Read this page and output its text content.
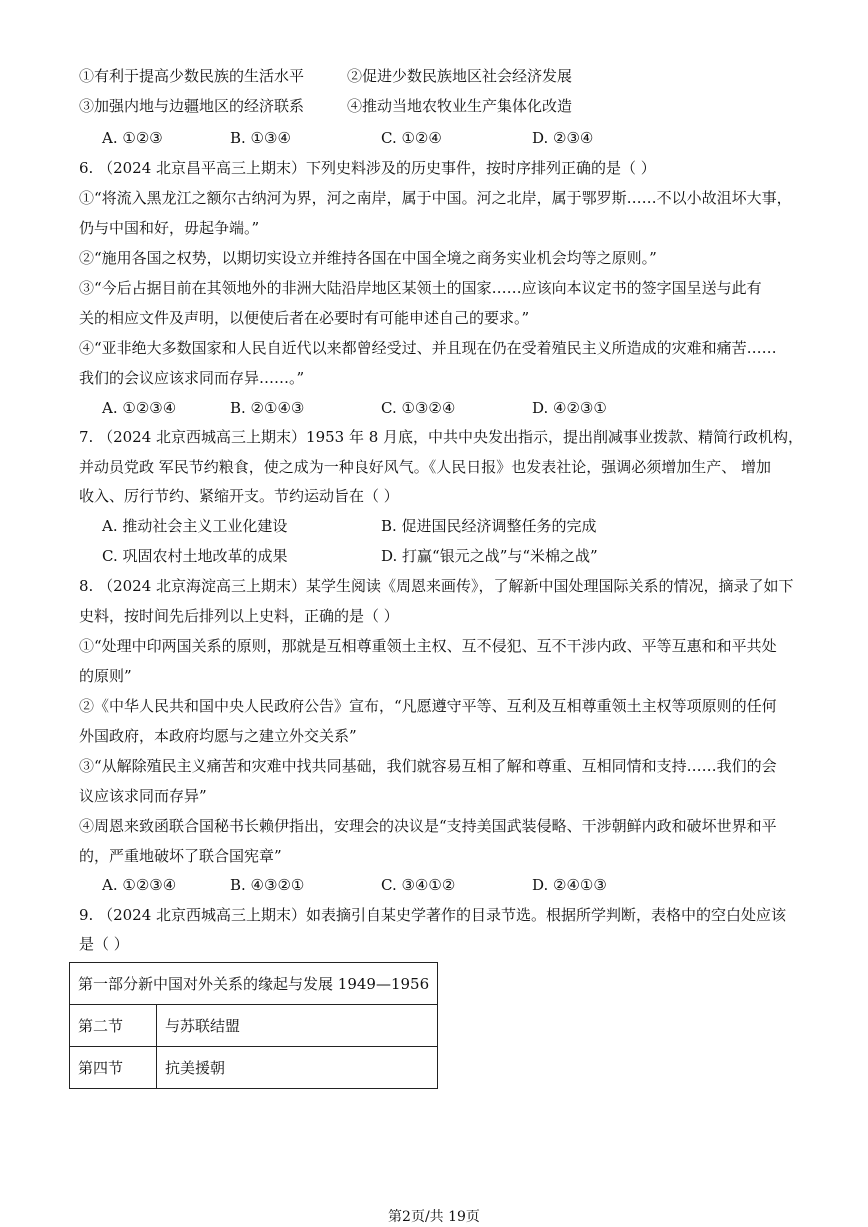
①有利于提高少数民族的生活水平	②促进少数民族地区社会经济发展
③加强内地与边疆地区的经济联系	④推动当地农牧业生产集体化改造
A. ①②③	B. ①③④	C. ①②④	D. ②③④
6. （2024 北京昌平高三上期末）下列史料涉及的历史事件，按时序排列正确的是（ ）
①“将流入黑龙江之额尔古纳河为界，河之南岸，属于中国。河之北岸，属于鄂罗斯……不以小故沮坏大事，
仍与中国和好，毋起争端。”
②“施用各国之权势，以期切实设立并维持各国在中国全境之商务实业机会均等之原则。”
③“今后占据目前在其领地外的非洲大陆沿岸地区某领土的国家……应该向本议定书的签字国呈送与此有
关的相应文件及声明，以便使后者在必要时有可能申述自己的要求。”
④“亚非绝大多数国家和人民自近代以来都曾经受过、并且现在仍在受着殖民主义所造成的灾难和痛苦……
我们的会议应该求同而存异……。”
A. ①②③④	B. ②①④③	C. ①③②④	D. ④②③①
7. （2024 北京西城高三上期末）1953 年 8 月底，中共中央发出指示，提出削减事业拨款、精简行政机构，
并动员党政 军民节约粮食，使之成为一种良好风气。《人民日报》也发表社论，强调必须增加生产、 增加
收入、厉行节约、紧缩开支。节约运动旨在（ ）
A. 推动社会主义工业化建设	B. 促进国民经济调整任务的完成
C. 巩固农村土地改革的成果	D. 打赢“银元之战”与“米棉之战”
8. （2024 北京海淀高三上期末）某学生阅读《周恩来画传》，了解新中国处理国际关系的情况，摘录了如下
史料，按时间先后排列以上史料，正确的是（ ）
①“处理中印两国关系的原则，那就是互相尊重领土主权、互不侵犯、互不干涉内政、平等互惠和和平共处
的原则”
②《中华人民共和国中央人民政府公告》宣布，“凡愿遵守平等、互利及互相尊重领土主权等项原则的任何
外国政府，本政府均愿与之建立外交关系”
③“从解除殖民主义痛苦和灾难中找共同基础，我们就容易互相了解和尊重、互相同情和支持……我们的会
议应该求同而存异”
④周恩来致函联合国秘书长赖伊指出，安理会的决议是“支持美国武装侵略、干涉朝鲜内政和破坏世界和平
的，严重地破坏了联合国宪章”
A. ①②③④	B. ④③②①	C. ③④①②	D. ②④①③
9. （2024 北京西城高三上期末）如表摘引自某史学著作的目录节选。根据所学判断，表格中的空白处应该
是（ ）
第一部分新中国对外关系的缘起与发展 1949—1956	
第二节	与苏联结盟
第四节	抗美援朝
第2页/共 19页
